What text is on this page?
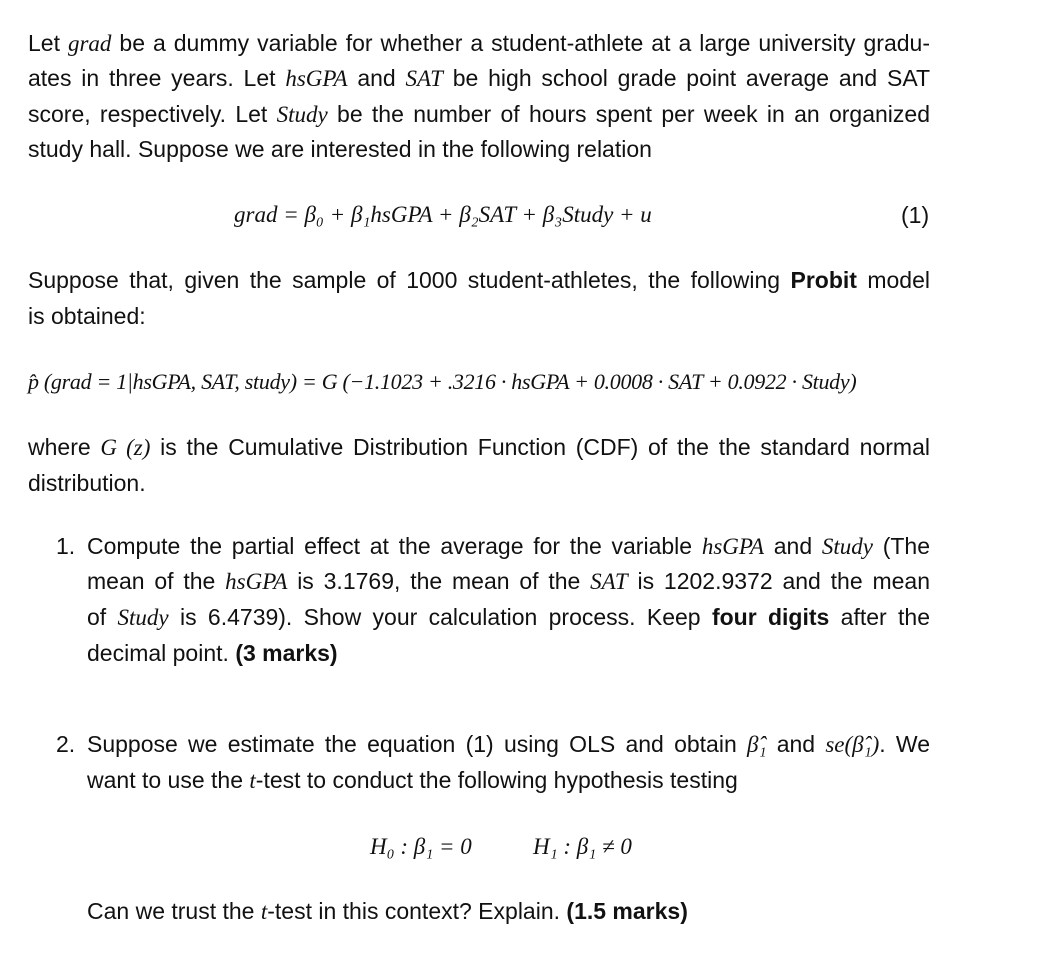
Let grad be a dummy variable for whether a student-athlete at a large university gradu-
ates in three years. Let hsGPA and SAT be high school grade point average and SAT
score, respectively. Let Study be the number of hours spent per week in an organized
study hall. Suppose we are interested in the following relation
grad = β₀ + β₁hsGPA + β₂SAT + β₃Study + u	(1)
Suppose that, given the sample of 1000 student-athletes, the following Probit model
is obtained:
p̂ (grad = 1|hsGPA, SAT, study) = G (−1.1023 + .3216 · hsGPA + 0.0008 · SAT + 0.0922 · Study)
where G (z) is the Cumulative Distribution Function (CDF) of the the standard normal
distribution.
1. Compute the partial effect at the average for the variable hsGPA and Study (The
mean of the hsGPA is 3.1769, the mean of the SAT is 1202.9372 and the mean
of Study is 6.4739). Show your calculation process. Keep four digits after the
decimal point. (3 marks)
2. Suppose we estimate the equation (1) using OLS and obtain β̂₁ and se(β̂₁). We
want to use the t-test to conduct the following hypothesis testing
H₀ : β₁ = 0	H₁ : β₁ ≠ 0
Can we trust the t-test in this context? Explain. (1.5 marks)
